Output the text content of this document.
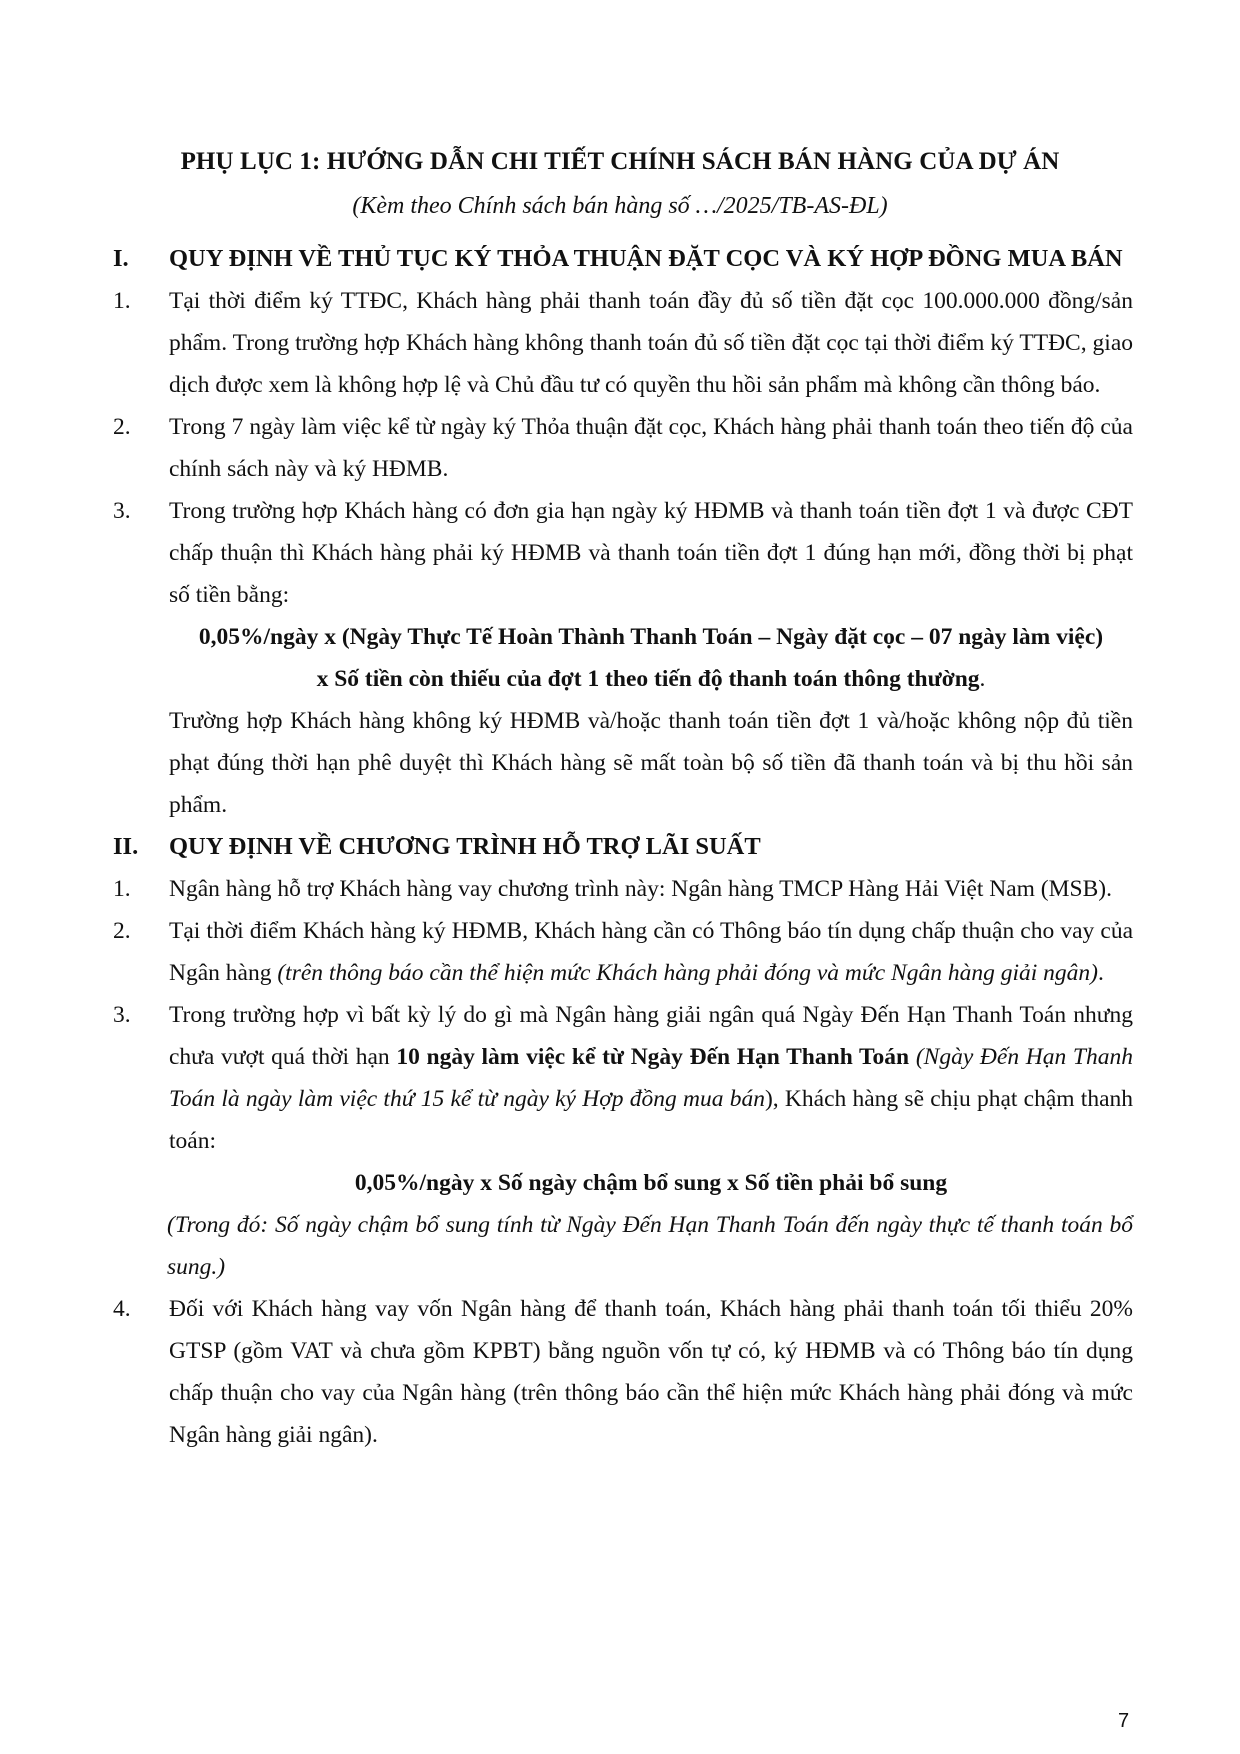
PHỤ LỤC 1: HƯỚNG DẪN CHI TIẾT CHÍNH SÁCH BÁN HÀNG CỦA DỰ ÁN
(Kèm theo Chính sách bán hàng số …/2025/TB-AS-ĐL)
I.	QUY ĐỊNH VỀ THỦ TỤC KÝ THỎA THUẬN ĐẶT CỌC VÀ KÝ HỢP ĐỒNG MUA BÁN
1.	Tại thời điểm ký TTĐC, Khách hàng phải thanh toán đầy đủ số tiền đặt cọc 100.000.000 đồng/sản phẩm. Trong trường hợp Khách hàng không thanh toán đủ số tiền đặt cọc tại thời điểm ký TTĐC, giao dịch được xem là không hợp lệ và Chủ đầu tư có quyền thu hồi sản phẩm mà không cần thông báo.
2.	Trong 7 ngày làm việc kể từ ngày ký Thỏa thuận đặt cọc, Khách hàng phải thanh toán theo tiến độ của chính sách này và ký HĐMB.
3.	Trong trường hợp Khách hàng có đơn gia hạn ngày ký HĐMB và thanh toán tiền đợt 1 và được CĐT chấp thuận thì Khách hàng phải ký HĐMB và thanh toán tiền đợt 1 đúng hạn mới, đồng thời bị phạt số tiền bằng:
0,05%/ngày x (Ngày Thực Tế Hoàn Thành Thanh Toán – Ngày đặt cọc – 07 ngày làm việc)
x Số tiền còn thiếu của đợt 1 theo tiến độ thanh toán thông thường.
Trường hợp Khách hàng không ký HĐMB và/hoặc thanh toán tiền đợt 1 và/hoặc không nộp đủ tiền phạt đúng thời hạn phê duyệt thì Khách hàng sẽ mất toàn bộ số tiền đã thanh toán và bị thu hồi sản phẩm.
II.	QUY ĐỊNH VỀ CHƯƠNG TRÌNH HỖ TRỢ LÃI SUẤT
1.	Ngân hàng hỗ trợ Khách hàng vay chương trình này: Ngân hàng TMCP Hàng Hải Việt Nam (MSB).
2.	Tại thời điểm Khách hàng ký HĐMB, Khách hàng cần có Thông báo tín dụng chấp thuận cho vay của Ngân hàng (trên thông báo cần thể hiện mức Khách hàng phải đóng và mức Ngân hàng giải ngân).
3.	Trong trường hợp vì bất kỳ lý do gì mà Ngân hàng giải ngân quá Ngày Đến Hạn Thanh Toán nhưng chưa vượt quá thời hạn 10 ngày làm việc kể từ Ngày Đến Hạn Thanh Toán (Ngày Đến Hạn Thanh Toán là ngày làm việc thứ 15 kể từ ngày ký Hợp đồng mua bán), Khách hàng sẽ chịu phạt chậm thanh toán:
0,05%/ngày x Số ngày chậm bổ sung x Số tiền phải bổ sung
(Trong đó: Số ngày chậm bổ sung tính từ Ngày Đến Hạn Thanh Toán đến ngày thực tế thanh toán bổ sung.)
4.	Đối với Khách hàng vay vốn Ngân hàng để thanh toán, Khách hàng phải thanh toán tối thiểu 20% GTSP (gồm VAT và chưa gồm KPBT) bằng nguồn vốn tự có, ký HĐMB và có Thông báo tín dụng chấp thuận cho vay của Ngân hàng (trên thông báo cần thể hiện mức Khách hàng phải đóng và mức Ngân hàng giải ngân).
7
